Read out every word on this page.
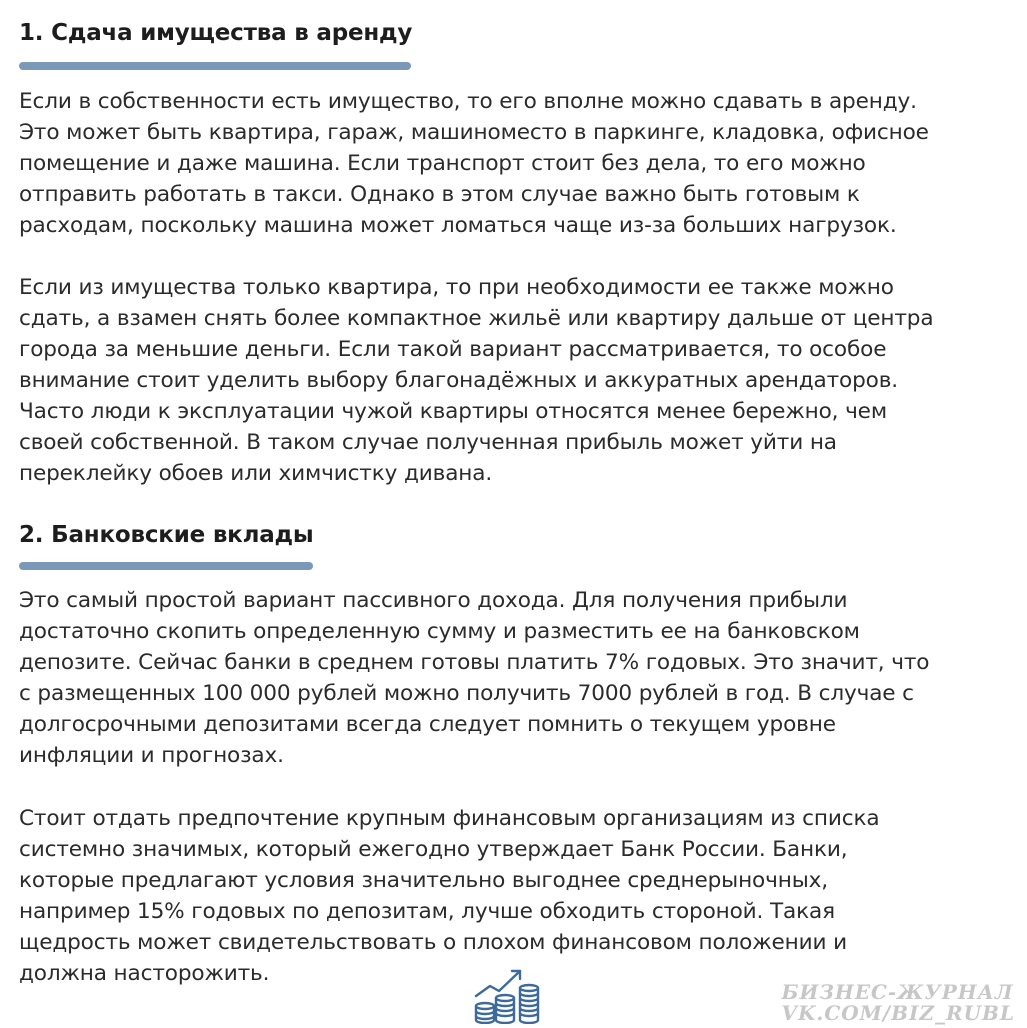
1. Сдача имущества в аренду

Если в собственности есть имущество, то его вполне можно сдавать в аренду.
Это может быть квартира, гараж, машиноместо в паркинге, кладовка, офисное
помещение и даже машина. Если транспорт стоит без дела, то его можно
отправить работать в такси. Однако в этом случае важно быть готовым к
расходам, поскольку машина может ломаться чаще из-за больших нагрузок.

Если из имущества только квартира, то при необходимости ее также можно
сдать, а взамен снять более компактное жильё или квартиру дальше от центра
города за меньшие деньги. Если такой вариант рассматривается, то особое
внимание стоит уделить выбору благонадёжных и аккуратных арендаторов.
Часто люди к эксплуатации чужой квартиры относятся менее бережно, чем
своей собственной. В таком случае полученная прибыль может уйти на
переклейку обоев или химчистку дивана.

2. Банковские вклады

Это самый простой вариант пассивного дохода. Для получения прибыли
достаточно скопить определенную сумму и разместить ее на банковском
депозите. Сейчас банки в среднем готовы платить 7% годовых. Это значит, что
с размещенных 100 000 рублей можно получить 7000 рублей в год. В случае с
долгосрочными депозитами всегда следует помнить о текущем уровне
инфляции и прогнозах.

Стоит отдать предпочтение крупным финансовым организациям из списка
системно значимых, который ежегодно утверждает Банк России. Банки,
которые предлагают условия значительно выгоднее среднерыночных,
например 15% годовых по депозитам, лучше обходить стороной. Такая
щедрость может свидетельствовать о плохом финансовом положении и
должна насторожить.

БИЗНЕС-ЖУРНАЛ
VK.COM/BIZ_RUBL
